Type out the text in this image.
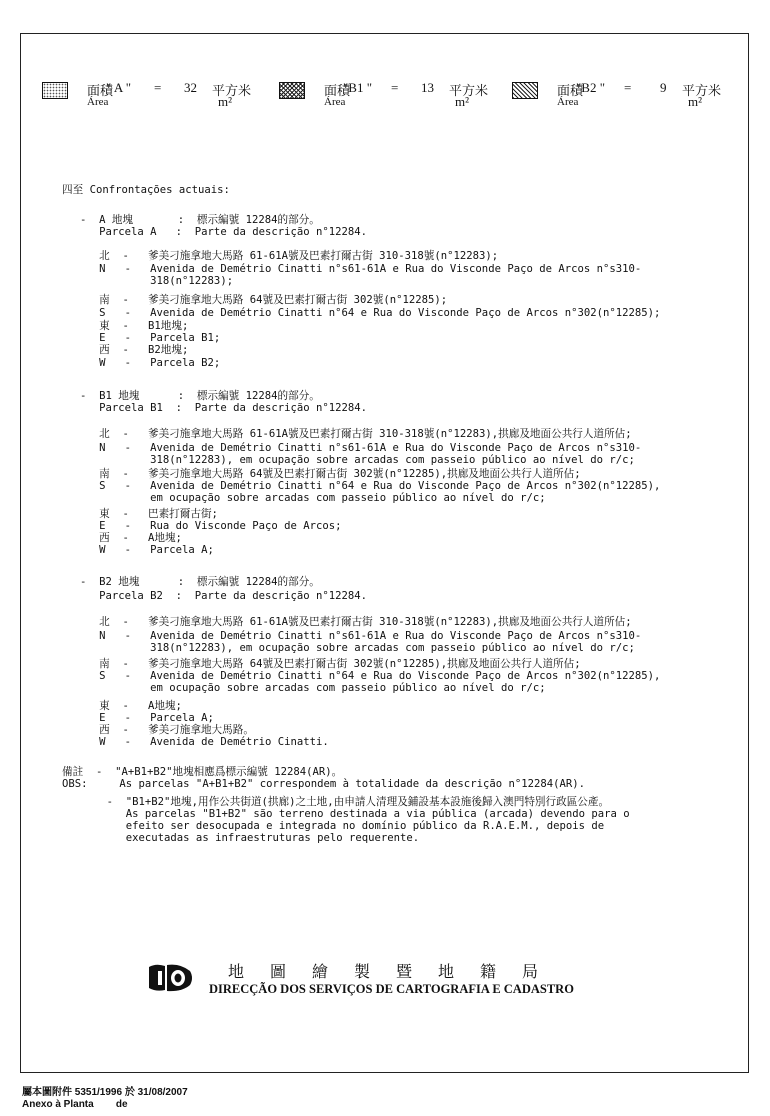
面積
" A " = 32 平方米
Área	m²
面積
"B1 " = 13 平方米
Área	m²
面積
"B2 " = 9 平方米
Área	m²
四至 Confrontações actuais:
-  A 地塊       :  標示編號 12284的部分。
Parcela A   :  Parte da descrição n°12284.
北  -   爹美刁施拿地大馬路 61-61A號及巴素打爾古街 310-318號(n°12283);
N   -   Avenida de Demétrio Cinatti n°s61-61A e Rua do Visconde Paço de Arcos n°s310-
318(n°12283);
南  -   爹美刁施拿地大馬路 64號及巴素打爾古街 302號(n°12285);
S   -   Avenida de Demétrio Cinatti n°64 e Rua do Visconde Paço de Arcos n°302(n°12285);
東  -   B1地塊;
E   -   Parcela B1;
西  -   B2地塊;
W   -   Parcela B2;
-  B1 地塊      :  標示編號 12284的部分。
Parcela B1  :  Parte da descrição n°12284.
北  -   爹美刁施拿地大馬路 61-61A號及巴素打爾古街 310-318號(n°12283),拱廊及地面公共行人道所佔;
N   -   Avenida de Demétrio Cinatti n°s61-61A e Rua do Visconde Paço de Arcos n°s310-
318(n°12283), em ocupação sobre arcadas com passeio público ao nível do r/c;
南  -   爹美刁施拿地大馬路 64號及巴素打爾古街 302號(n°12285),拱廊及地面公共行人道所佔;
S   -   Avenida de Demétrio Cinatti n°64 e Rua do Visconde Paço de Arcos n°302(n°12285),
em ocupação sobre arcadas com passeio público ao nível do r/c;
東  -   巴素打爾古街;
E   -   Rua do Visconde Paço de Arcos;
西  -   A地塊;
W   -   Parcela A;
-  B2 地塊      :  標示編號 12284的部分。
Parcela B2  :  Parte da descrição n°12284.
北  -   爹美刁施拿地大馬路 61-61A號及巴素打爾古街 310-318號(n°12283),拱廊及地面公共行人道所佔;
N   -   Avenida de Demétrio Cinatti n°s61-61A e Rua do Visconde Paço de Arcos n°s310-
318(n°12283), em ocupação sobre arcadas com passeio público ao nível do r/c;
南  -   爹美刁施拿地大馬路 64號及巴素打爾古街 302號(n°12285),拱廊及地面公共行人道所佔;
S   -   Avenida de Demétrio Cinatti n°64 e Rua do Visconde Paço de Arcos n°302(n°12285),
em ocupação sobre arcadas com passeio público ao nível do r/c;
東  -   A地塊;
E   -   Parcela A;
西  -   爹美刁施拿地大馬路。
W   -   Avenida de Demétrio Cinatti.
備註  -  "A+B1+B2"地塊相應爲標示編號 12284(AR)。
OBS:     As parcelas "A+B1+B2" correspondem à totalidade da descrição n°12284(AR).
-  "B1+B2"地塊,用作公共街道(拱廊)之土地,由申請人清理及鋪設基本設施後歸入澳門特別行政區公產。
As parcelas "B1+B2" são terreno destinada a via pública (arcada) devendo para o
efeito ser desocupada e integrada no domínio público da R.A.E.M., depois de
executadas as infraestruturas pelo requerente.
地圖繪製暨地籍局
DIRECÇÃO DOS SERVIÇOS DE CARTOGRAFIA E CADASTRO
屬本圖附件 5351/1996 於 31/08/2007
Anexo à Planta        de
